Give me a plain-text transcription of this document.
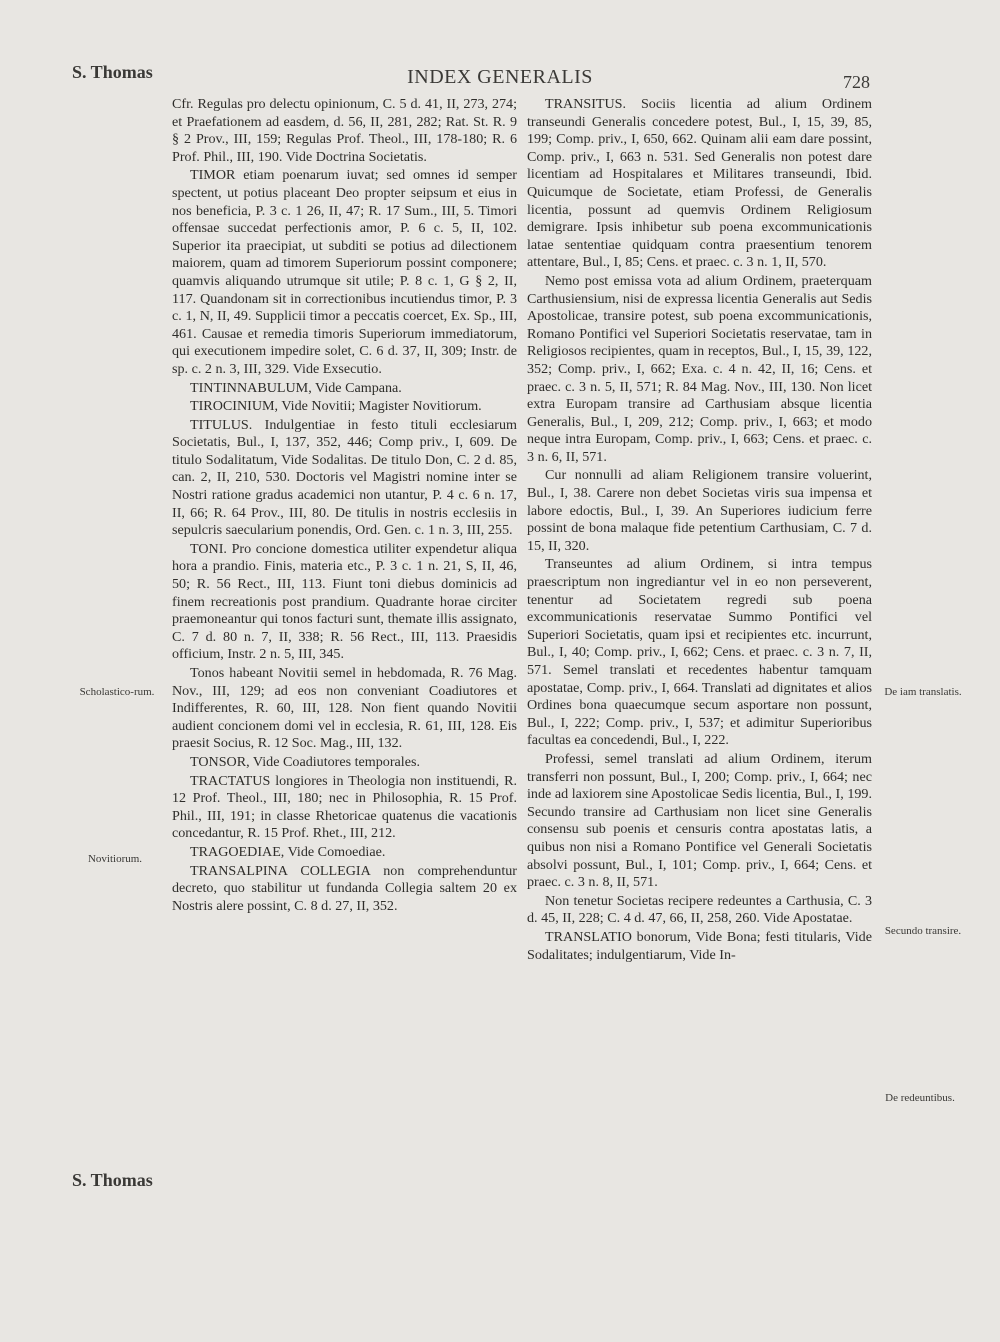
S. Thomas	INDEX GENERALIS	728

Cfr. Regulas pro delectu opinionum, C. 5 d. 41, II, 273, 274; et Praefationem ad easdem, d. 56, II, 281, 282; Rat. St. R. 9 § 2 Prov., III, 159; Regulas Prof. Theol., III, 178-180; R. 6 Prof. Phil., III, 190. Vide Doctrina Societatis.

TIMOR etiam poenarum iuvat; sed omnes id semper spectent, ut potius placeant Deo propter seipsum et eius in nos beneficia, P. 3 c. 1 26, II, 47; R. 17 Sum., III, 5. Timori offensae succedat perfectionis amor, P. 6 c. 5, II, 102. Superior ita praecipiat, ut subditi se potius ad dilectionem maiorem, quam ad timorem Superiorum possint componere; quamvis aliquando utrumque sit utile; P. 8 c. 1, G § 2, II, 117. Quandonam sit in correctionibus incutiendus timor, P. 3 c. 1, N, II, 49. Supplicii timor a peccatis coercet, Ex. Sp., III, 461. Causae et remedia timoris Superiorum immediatorum, qui executionem impedire solet, C. 6 d. 37, II, 309; Instr. de sp. c. 2 n. 3, III, 329. Vide Exsecutio.

TINTINNABULUM, Vide Campana.

TIROCINIUM, Vide Novitii; Magister Novitiorum.

TITULUS. Indulgentiae in festo tituli ecclesiarum Societatis, Bul., I, 137, 352, 446; Comp priv., I, 609. De titulo Sodalitatum, Vide Sodalitas. De titulo Don, C. 2 d. 85, can. 2, II, 210, 530. Doctoris vel Magistri nomine inter se Nostri ratione gradus academici non utantur, P. 4 c. 6 n. 17, II, 66; R. 64 Prov., III, 80. De titulis in nostris ecclesiis in sepulcris saecularium ponendis, Ord. Gen. c. 1 n. 3, III, 255.

TONI. Pro concione domestica utiliter expendetur aliqua hora a prandio. Finis, materia etc., P. 3 c. 1 n. 21, S, II, 46, 50; R. 56 Rect., III, 113. Fiunt toni diebus dominicis ad finem recreationis post prandium. Quadrante horae circiter praemoneantur qui tonos facturi sunt, themate illis assignato, C. 7 d. 80 n. 7, II, 338; R. 56 Rect., III, 113. Praesidis officium, Instr. 2 n. 5, III, 345.

Tonos habeant Novitii semel in hebdomada, R. 76 Mag. Nov., III, 129; ad eos non conveniant Coadiutores et Indifferentes, R. 60, III, 128. Non fient quando Novitii audient concionem domi vel in ecclesia, R. 61, III, 128. Eis praesit Socius, R. 12 Soc. Mag., III, 132.

TONSOR, Vide Coadiutores temporales.

TRACTATUS longiores in Theologia non instituendi, R. 12 Prof. Theol., III, 180; nec in Philosophia, R. 15 Prof. Phil., III, 191; in classe Rhetoricae quatenus die vacationis concedantur, R. 15 Prof. Rhet., III, 212.

TRAGOEDIAE, Vide Comoediae.

TRANSALPINA COLLEGIA non comprehenduntur decreto, quo stabilitur ut fundanda Collegia saltem 20 ex Nostris alere possint, C. 8 d. 27, II, 352.

TRANSITUS. Sociis licentia ad alium Ordinem transeundi Generalis concedere potest, Bul., I, 15, 39, 85, 199; Comp. priv., I, 650, 662. Quinam alii eam dare possint, Comp. priv., I, 663 n. 531. Sed Generalis non potest dare licentiam ad Hospitalares et Militares transeundi, Ibid. Quicumque de Societate, etiam Professi, de Generalis licentia, possunt ad quemvis Ordinem Religiosum demigrare. Ipsis inhibetur sub poena excommunicationis latae sententiae quidquam contra praesentium tenorem attentare, Bul., I, 85; Cens. et praec. c. 3 n. 1, II, 570.

Nemo post emissa vota ad alium Ordinem, praeterquam Carthusiensium, nisi de expressa licentia Generalis aut Sedis Apostolicae, transire potest, sub poena excommunicationis, Romano Pontifici vel Superiori Societatis reservatae, tam in Religiosos recipientes, quam in receptos, Bul., I, 15, 39, 122, 352; Comp. priv., I, 662; Exa. c. 4 n. 42, II, 16; Cens. et praec. c. 3 n. 5, II, 571; R. 84 Mag. Nov., III, 130. Non licet extra Europam transire ad Carthusiam absque licentia Generalis, Bul., I, 209, 212; Comp. priv., I, 663; et modo neque intra Europam, Comp. priv., I, 663; Cens. et praec. c. 3 n. 6, II, 571.

Cur nonnulli ad aliam Religionem transire voluerint, Bul., I, 38. Carere non debet Societas viris sua impensa et labore edoctis, Bul., I, 39. An Superiores iudicium ferre possint de bona malaque fide petentium Carthusiam, C. 7 d. 15, II, 320.

Transeuntes ad alium Ordinem, si intra tempus praescriptum non ingrediantur vel in eo non perseverent, tenentur ad Societatem regredi sub poena excommunicationis reservatae Summo Pontifici vel Superiori Societatis, quam ipsi et recipientes etc. incurrunt, Bul., I, 40; Comp. priv., I, 662; Cens. et praec. c. 3 n. 7, II, 571. Semel translati et recedentes habentur tamquam apostatae, Comp. priv., I, 664. Translati ad dignitates et alios Ordines bona quaecumque secum asportare non possunt, Bul., I, 222; Comp. priv., I, 537; et adimitur Superioribus facultas ea concedendi, Bul., I, 222.

Professi, semel translati ad alium Ordinem, iterum transferri non possunt, Bul., I, 200; Comp. priv., I, 664; nec inde ad laxiorem sine Apostolicae Sedis licentia, Bul., I, 199. Secundo transire ad Carthusiam non licet sine Generalis consensu sub poenis et censuris contra apostatas latis, a quibus non nisi a Romano Pontifice vel Generali Societatis absolvi possunt, Bul., I, 101; Comp. priv., I, 664; Cens. et praec. c. 3 n. 8, II, 571.

Non tenetur Societas recipere redeuntes a Carthusia, C. 3 d. 45, II, 228; C. 4 d. 47, 66, II, 258, 260. Vide Apostatae.

TRANSLATIO bonorum, Vide Bona; festi titularis, Vide Sodalitates; indulgentiarum, Vide In-

Scholastico-rum.
Novitiorum.
De iam translatis.
Secundo transire.
De redeuntibus.
S. Thomas
